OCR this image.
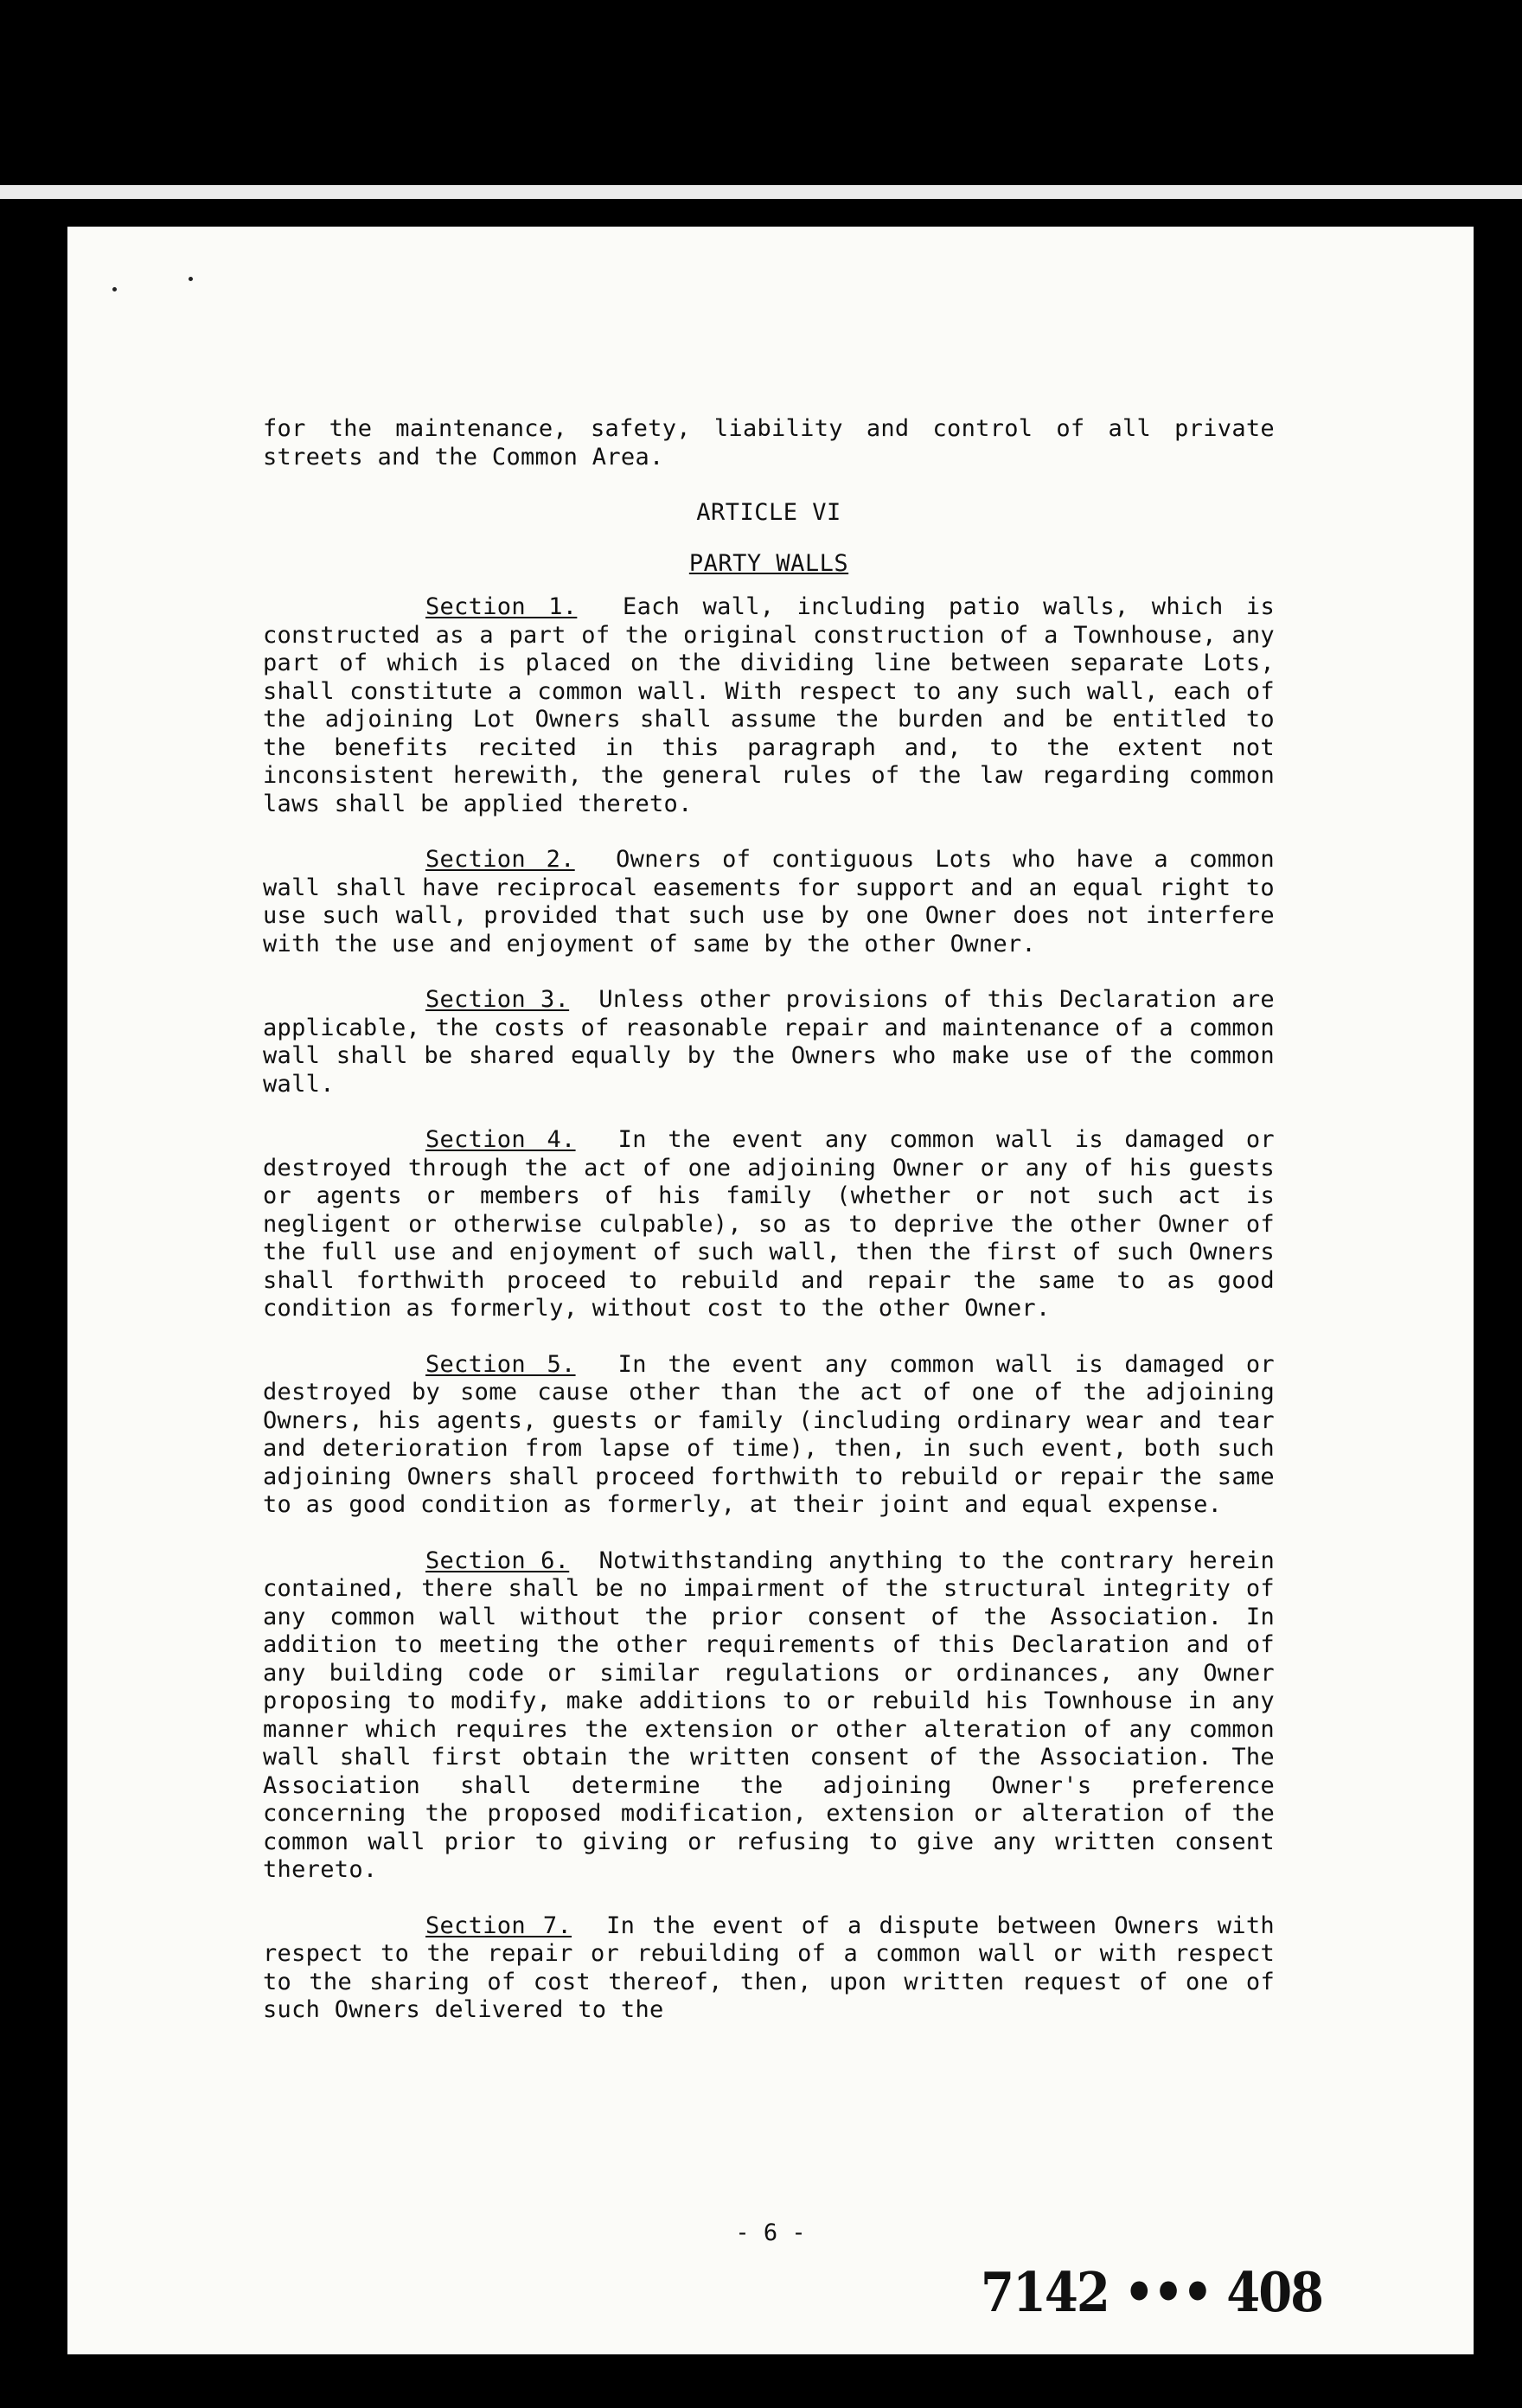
for the maintenance, safety, liability and control of all private streets and the Common Area.

ARTICLE VI
PARTY WALLS

Section 1. Each wall, including patio walls, which is constructed as a part of the original construction of a Townhouse, any part of which is placed on the dividing line between separate Lots, shall constitute a common wall. With respect to any such wall, each of the adjoining Lot Owners shall assume the burden and be entitled to the benefits recited in this paragraph and, to the extent not inconsistent herewith, the general rules of the law regarding common laws shall be applied thereto.

Section 2. Owners of contiguous Lots who have a common wall shall have reciprocal easements for support and an equal right to use such wall, provided that such use by one Owner does not interfere with the use and enjoyment of same by the other Owner.

Section 3. Unless other provisions of this Declaration are applicable, the costs of reasonable repair and maintenance of a common wall shall be shared equally by the Owners who make use of the common wall.

Section 4. In the event any common wall is damaged or destroyed through the act of one adjoining Owner or any of his guests or agents or members of his family (whether or not such act is negligent or otherwise culpable), so as to deprive the other Owner of the full use and enjoyment of such wall, then the first of such Owners shall forthwith proceed to rebuild and repair the same to as good condition as formerly, without cost to the other Owner.

Section 5. In the event any common wall is damaged or destroyed by some cause other than the act of one of the adjoining Owners, his agents, guests or family (including ordinary wear and tear and deterioration from lapse of time), then, in such event, both such adjoining Owners shall proceed forthwith to rebuild or repair the same to as good condition as formerly, at their joint and equal expense.

Section 6. Notwithstanding anything to the contrary herein contained, there shall be no impairment of the structural integrity of any common wall without the prior consent of the Association. In addition to meeting the other requirements of this Declaration and of any building code or similar regulations or ordinances, any Owner proposing to modify, make additions to or rebuild his Townhouse in any manner which requires the extension or other alteration of any common wall shall first obtain the written consent of the Association. The Association shall determine the adjoining Owner's preference concerning the proposed modification, extension or alteration of the common wall prior to giving or refusing to give any written consent thereto.

Section 7. In the event of a dispute between Owners with respect to the repair or rebuilding of a common wall or with respect to the sharing of cost thereof, then, upon written request of one of such Owners delivered to the

- 6 -
7142 ••• 408
